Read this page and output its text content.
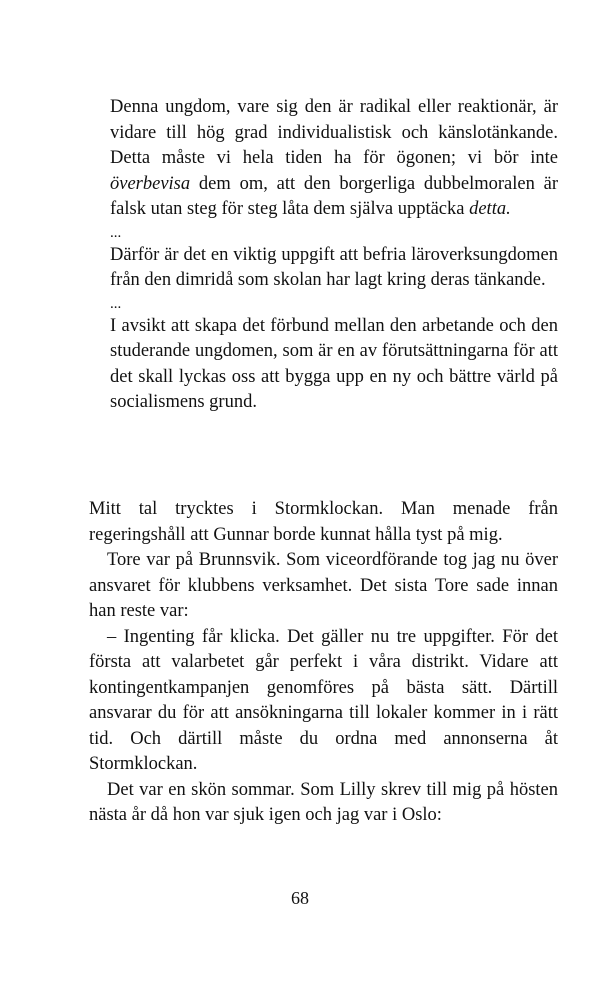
Denna ungdom, vare sig den är radikal eller reaktionär, är vidare till hög grad individualistisk och känslotänkande. Detta måste vi hela tiden ha för ögonen; vi bör inte överbevisa dem om, att den borgerliga dubbelmoralen är falsk utan steg för steg låta dem själva upptäcka detta.

...

Därför är det en viktig uppgift att befria läroverksungdomen från den dimridå som skolan har lagt kring deras tänkande.

...

I avsikt att skapa det förbund mellan den arbetande och den studerande ungdomen, som är en av förutsättningarna för att det skall lyckas oss att bygga upp en ny och bättre värld på socialismens grund.

Mitt tal trycktes i Stormklockan. Man menade från regeringshåll att Gunnar borde kunnat hålla tyst på mig.

Tore var på Brunnsvik. Som viceordförande tog jag nu över ansvaret för klubbens verksamhet. Det sista Tore sade innan han reste var:

– Ingenting får klicka. Det gäller nu tre uppgifter. För det första att valarbetet går perfekt i våra distrikt. Vidare att kontingentkampanjen genomföres på bästa sätt. Därtill ansvarar du för att ansökningarna till lokaler kommer in i rätt tid. Och därtill måste du ordna med annonserna åt Stormklockan.

Det var en skön sommar. Som Lilly skrev till mig på hösten nästa år då hon var sjuk igen och jag var i Oslo:

68
